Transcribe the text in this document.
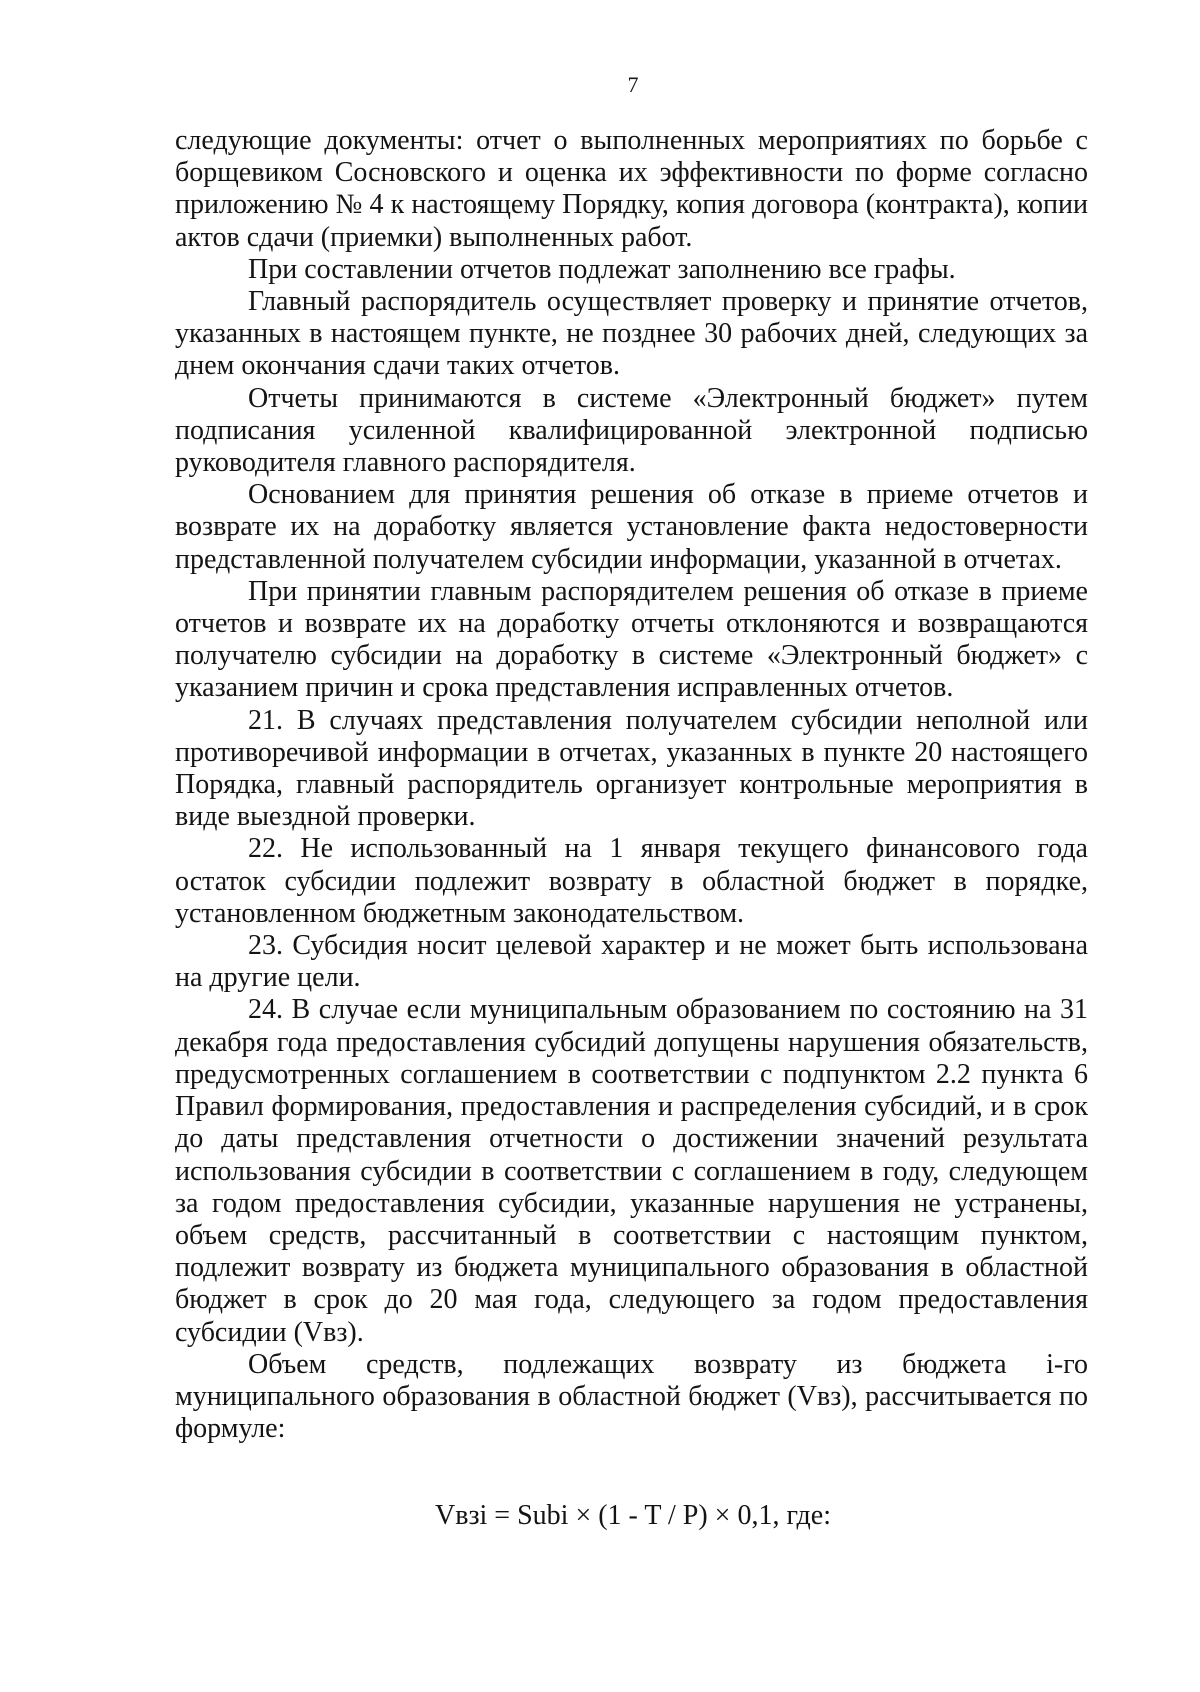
7

следующие документы: отчет о выполненных мероприятиях по борьбе с борщевиком Сосновского и оценка их эффективности по форме согласно приложению № 4 к настоящему Порядку, копия договора (контракта), копии актов сдачи (приемки) выполненных работ.

При составлении отчетов подлежат заполнению все графы.

Главный распорядитель осуществляет проверку и принятие отчетов, указанных в настоящем пункте, не позднее 30 рабочих дней, следующих за днем окончания сдачи таких отчетов.

Отчеты принимаются в системе «Электронный бюджет» путем подписания усиленной квалифицированной электронной подписью руководителя главного распорядителя.

Основанием для принятия решения об отказе в приеме отчетов и возврате их на доработку является установление факта недостоверности представленной получателем субсидии информации, указанной в отчетах.

При принятии главным распорядителем решения об отказе в приеме отчетов и возврате их на доработку отчеты отклоняются и возвращаются получателю субсидии на доработку в системе «Электронный бюджет» с указанием причин и срока представления исправленных отчетов.

21. В случаях представления получателем субсидии неполной или противоречивой информации в отчетах, указанных в пункте 20 настоящего Порядка, главный распорядитель организует контрольные мероприятия в виде выездной проверки.

22. Не использованный на 1 января текущего финансового года остаток субсидии подлежит возврату в областной бюджет в порядке, установленном бюджетным законодательством.

23. Субсидия носит целевой характер и не может быть использована на другие цели.

24. В случае если муниципальным образованием по состоянию на 31 декабря года предоставления субсидий допущены нарушения обязательств, предусмотренных соглашением в соответствии с подпунктом 2.2 пункта 6 Правил формирования, предоставления и распределения субсидий, и в срок до даты представления отчетности о достижении значений результата использования субсидии в соответствии с соглашением в году, следующем за годом предоставления субсидии, указанные нарушения не устранены, объем средств, рассчитанный в соответствии с настоящим пунктом, подлежит возврату из бюджета муниципального образования в областной бюджет в срок до 20 мая года, следующего за годом предоставления субсидии (Vвз).

Объем средств, подлежащих возврату из бюджета i-го муниципального образования в областной бюджет (Vвз), рассчитывается по формуле:

Vвзi = Subi × (1 - T / P) × 0,1, где:
